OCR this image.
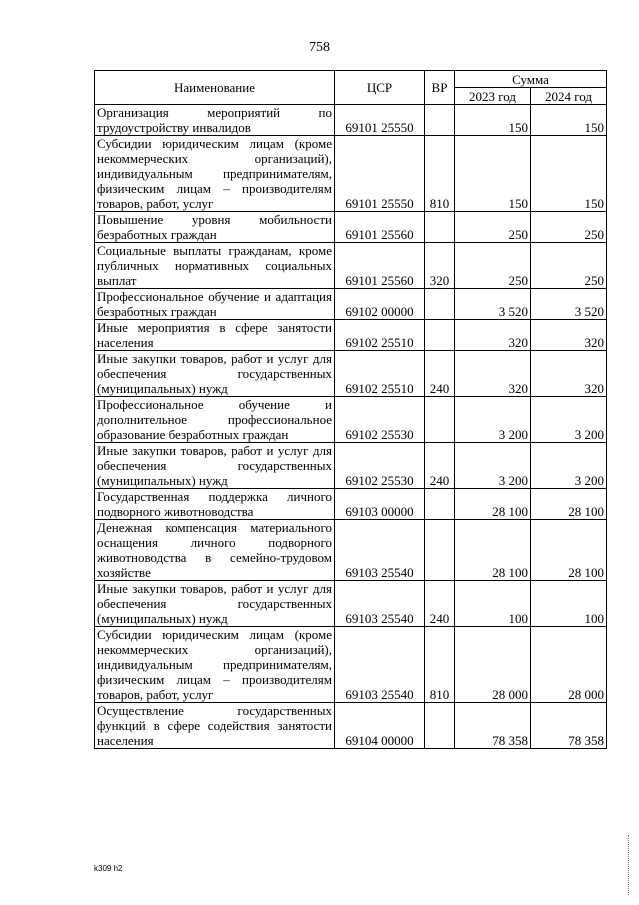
758
Наименование	ЦСР	ВР	Сумма	
			2023 год	2024 год
Организация мероприятий по трудоустройству инвалидов	69101 25550		150	150
Субсидии юридическим лицам (кроме некоммерческих организаций), индивидуальным предпринимателям, физическим лицам – производителям товаров, работ, услуг	69101 25550	810	150	150
Повышение уровня мобильности безработных граждан	69101 25560		250	250
Социальные выплаты гражданам, кроме публичных нормативных социальных выплат	69101 25560	320	250	250
Профессиональное обучение и адаптация безработных граждан	69102 00000		3 520	3 520
Иные мероприятия в сфере занятости населения	69102 25510		320	320
Иные закупки товаров, работ и услуг для обеспечения государственных (муниципальных) нужд	69102 25510	240	320	320
Профессиональное обучение и дополнительное профессиональное образование безработных граждан	69102 25530		3 200	3 200
Иные закупки товаров, работ и услуг для обеспечения государственных (муниципальных) нужд	69102 25530	240	3 200	3 200
Государственная поддержка личного подворного животноводства	69103 00000		28 100	28 100
Денежная компенсация материального оснащения личного подворного животноводства в семейно-трудовом хозяйстве	69103 25540		28 100	28 100
Иные закупки товаров, работ и услуг для обеспечения государственных (муниципальных) нужд	69103 25540	240	100	100
Субсидии юридическим лицам (кроме некоммерческих организаций), индивидуальным предпринимателям, физическим лицам – производителям товаров, работ, услуг	69103 25540	810	28 000	28 000
Осуществление государственных функций в сфере содействия занятости населения	69104 00000		78 358	78 358
k309 h2
